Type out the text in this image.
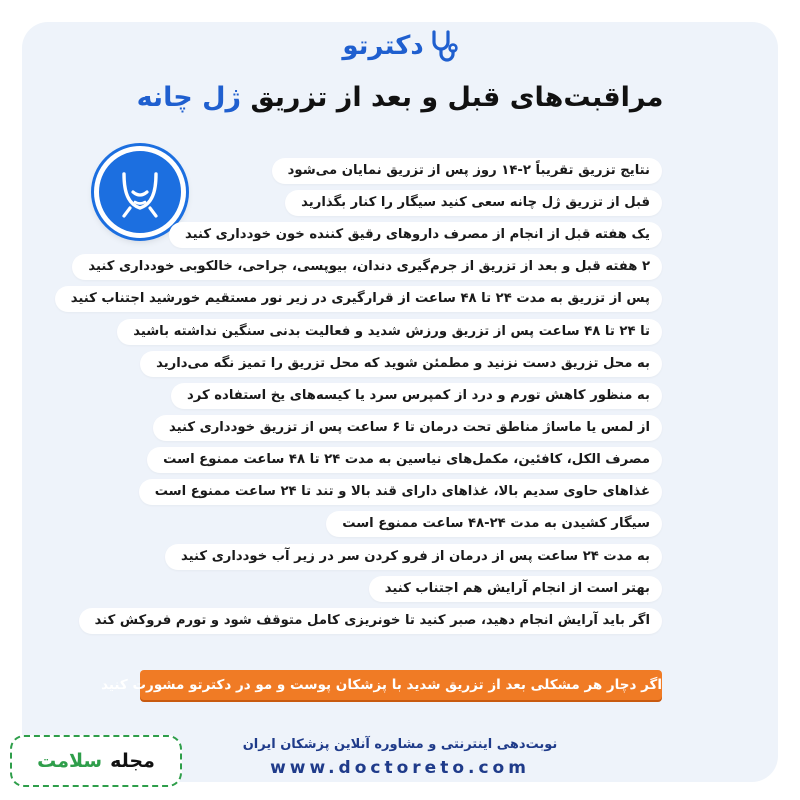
دکترتو
مراقبت‌های قبل و بعد از تزریق ژل چانه
نتایج تزریق تقریباً ۲-۱۴ روز پس از تزریق نمایان می‌شود
قبل از تزریق ژل چانه سعی کنید سیگار را کنار بگذارید
یک هفته قبل از انجام از مصرف داروهای رقیق کننده خون خودداری کنید
۲ هفته قبل و بعد از تزریق از جرم‌گیری دندان، بیوپسی، جراحی، خالکوبی خودداری کنید
پس از تزریق به مدت ۲۴ تا ۴۸ ساعت از قرارگیری در زیر نور مستقیم خورشید اجتناب کنید
تا ۲۴ تا ۴۸ ساعت پس از تزریق ورزش شدید و فعالیت بدنی سنگین نداشته باشید
به محل تزریق دست نزنید و مطمئن شوید که محل تزریق را تمیز نگه می‌دارید
به منظور کاهش تورم و درد از کمپرس سرد یا کیسه‌های یخ استفاده کرد
از لمس یا ماساژ مناطق تحت درمان تا ۶ ساعت پس از تزریق خودداری کنید
مصرف الکل، کافئین، مکمل‌های نیاسین به مدت ۲۴ تا ۴۸ ساعت ممنوع است
غذاهای حاوی سدیم بالا، غذاهای دارای قند بالا و تند تا ۲۴ ساعت ممنوع است
سیگار کشیدن به مدت ۲۴-۴۸ ساعت ممنوع است
به مدت ۲۴ ساعت پس از درمان از فرو کردن سر در زیر آب خودداری کنید
بهتر است از انجام آرایش هم اجتناب کنید
اگر باید آرایش انجام دهید، صبر کنید تا خونریزی کامل متوقف شود و تورم فروکش کند
اگر دچار هر مشکلی بعد از تزریق شدید با پزشکان پوست و مو در دکترتو مشورت کنید
نوبت‌دهی اینترنتی و مشاوره آنلاین پزشکان ایران
www.doctoreto.com
مجله
سلامت
